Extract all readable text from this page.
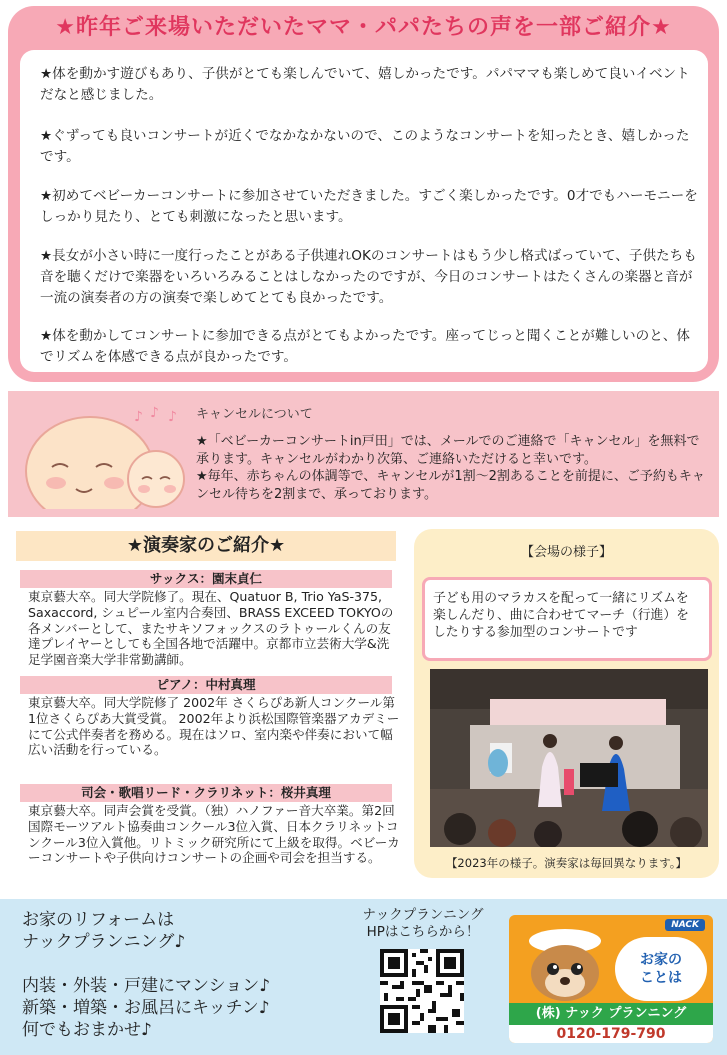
★昨年ご来場いただいたママ・パパたちの声を一部ご紹介★

★体を動かす遊びもあり、子供がとても楽しんでいて、嬉しかったです。パパママも楽しめて良いイベントだなと感じました。

★ぐずっても良いコンサートが近くでなかなかないので、このようなコンサートを知ったとき、嬉しかったです。

★初めてベビーカーコンサートに参加させていただきました。すごく楽しかったです。0才でもハーモニーをしっかり見たり、とても刺激になったと思います。

★長女が小さい時に一度行ったことがある子供連れOKのコンサートはもう少し格式ばっていて、子供たちも音を聴くだけで楽器をいろいろみることはしなかったのですが、今日のコンサートはたくさんの楽器と音が一流の演奏者の方の演奏で楽しめてとても良かったです。

★体を動かしてコンサートに参加できる点がとてもよかったです。座ってじっと聞くことが難しいのと、体でリズムを体感できる点が良かったです。

♪ ♪ ♪ キャンセルについて

★「ベビーカーコンサートin戸田」では、メールでのご連絡で「キャンセル」を無料で承ります。キャンセルがわかり次第、ご連絡いただけると幸いです。
★毎年、赤ちゃんの体調等で、キャンセルが1割～2割あることを前提に、ご予約もキャンセル待ちを2割まで、承っております。

★演奏家のご紹介★
サックス：園末貞仁

東京藝大卒。同大学院修了。現在、Quatuor B, Trio YaS-375, Saxaccord, シュピール室内合奏団、BRASS EXCEED TOKYOの各メンバーとして、またサキソフォックスのラトゥールくんの友達プレイヤーとしても全国各地で活躍中。京都市立芸術大学&洗足学園音楽大学非常勤講師。

ピアノ：中村真理

東京藝大卒。同大学院修了 2002年 さくらぴあ新人コンクール第1位さくらぴあ大賞受賞。 2002年より浜松国際管楽器アカデミーにて公式伴奏者を務める。現在はソロ、室内楽や伴奏において幅広い活動を行っている。

司会・歌唱リード・クラリネット：桜井真理

東京藝大卒。同声会賞を受賞。（独）ハノファー音大卒業。第2回国際モーツアルト協奏曲コンクール3位入賞、日本クラリネットコンクール3位入賞他。リトミック研究所にて上級を取得。ベビーカーコンサートや子供向けコンサートの企画や司会を担当する。

【会場の様子】
子ども用のマラカスを配って一緒にリズムを楽しんだり、曲に合わせてマーチ（行進）をしたりする参加型のコンサートです
【2023年の様子。演奏家は毎回異なります。】
お家のリフォームは
ナックプランニング♪
内装・外装・戸建にマンション♪
新築・増築・お風呂にキッチン♪
何でもおまかせ♪
ナックプランニング
HPはこちらから！	NACK
お家の
ことは
(株) ナック プランニング
0120-179-790
